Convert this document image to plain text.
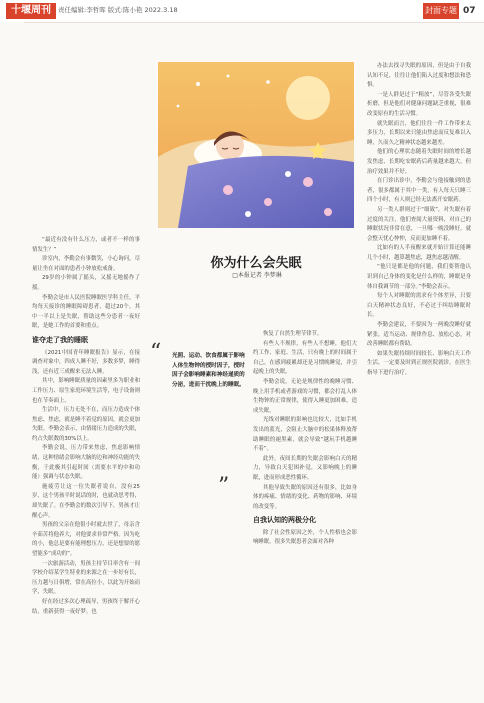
十堰周刊	责任编辑:李哲晖 版式:陈小艳 2022.3.18	封面专题 07
你为什么会失眠
□本报记者 李梦琳
“ 光照、运动、饮食都属于影响人体生物钟的授时因子，授时因子会影响睡素和神经递质的分泌，进而干扰晚上的睡眠。
”

“最近有没有什么压力，或者不一样的事情发生？”

诊室内，李勤会有事微笑，小心询问，尽量让坐在对面的患者小钟放松戒备。

29岁的小钟属了摇头，又摇无地摇作了摇。

李勤会是市人民医院睡眠医学科主任，平均每天接诊的睡眠障碍患者，超过20个。其中一半以上是失眠，帮助这些分患者一夜好眠，是她工作的首要和重点。

谁夺走了我的睡眠

《2021中国青年睡眠报告》显示，在接调查对象中，四成人睡不好，多数多梦，睡得浅，还有近三成醒来无法入睡。

其中，影响睡眠质量的因素里多为职业和工作压力、原生家庭环境生活等，电子设备则也在节奏面上。

生活中，压力无处不在，而压力造成个体焦虑、焦虑，就是睡不着觉的原因，就会更加失眠。李勤会表示，由情绪压力造成的失眠，约占失眠数的30%以上。

李勤会说，压力带来焦虑，焦虑影响情绪，这种情绪会影响大脑的边和神经功能的失衡，于此极其引起时间（需要水平的中和功能）强调与状态失眠。

施疲劳让这一位失眠者说自，没有25岁，这个男孩平时说话的时，也就动思考得，却失眠了。在李勤会的数次引导下，男孩才让醒心声。

男孩的父亲在他很小时就去世了，母亲含辛茹苦将他养大，对他要求非常严格。因为吃的小，他总是要有能理想压力，还是想要的愿望能多“成功的”。

一次旅游活动，男孩主持节目率含有一间学校介绍某学生特业的来源之在一步好有长，压力越与日俱增，常在高位小，以此为开始而学，失眠。

好在经过多次心理疏导，男孩终于解开心结，重新获得一夜好梦。也

恢复了自然生理节律节。

有些人不规律，有些人不想睡，他们大约工作、家庭、生活，只有晚上的时间属于自己，在感到疲累却还是习惯晚睡觉，并引起晚上的失眠。

李勤会说，无论是规律性的晚睡习惯、晚上用手机或者游戏的习惯，都会打乱人体生物钟的正常规律，使得入睡更加困难，造成失眠。

光线对睡眠的影响也比较大，比如手机发出的蓝光，会阻止大脑中的松果体释放帮助睡眠的褪黑素，就会导致“越玩手机越睡不着”。

此外，夜间长期的失眠会影响白天的精力，导致白天犯困补觉，又影响晚上的睡眠，进而形成恶性循环。

其他导致失眠的原因还有很多，比如身体的疼痛、情绪的变化、药物的影响、环境的改变等。

自我认知的两极分化

除了社会性原因之外，个人性格也会影响睡眠，很多失眠患者会面对各种

办法去找寻失眠的原因，但是由于自我认知不足，往往让他们陷入过度和想法和恐惧。

一是人群是过于“粗放”，尽管各受失眠折磨，但是他们对健康问题缺乏重视，很难改变原有的生活习惯。

就失眠而言，他们往往一件工作带来太多压力，长期以来只能由焦虑而反复难以入睡，久而久之精神状态越来越差。

他们的心理状态随着失眠时间的增长越发焦虑，长期吃安眠药后药量越来越大，但治疗效果并不好。

在门诊出诊中，李勤会与他接触到的患者，很多都属于其中一类，有人每天只睡三四个小时，有人则已经无法离开安眠药。

另一类人群则过于“细致”，对失眠有着过度的关注，他们查阅大量资料，对自己的睡眠状况非常在意，一旦哪一晚没睡好，就会整天忧心忡忡，反而更加睡不着。

比如有的人半夜醒来就开始计算还能睡几个小时，越算越焦虑，越焦虑越清醒。

“他只是都是他的问题，我们要帮他认识到自己身体的变化是什么样的，睡眠是身体自我调节的一部分。”李勤会表示。

每个人对睡眠的需求有个体差异，只要白天精神状态良好，不必过于纠结睡眠时长。

李勤会建议，不要因为一两晚没睡好就紧张，适当运动、规律作息、放松心态，对改善睡眠都有帮助。

如果失眠持续时间较长、影响白天工作生活，一定要及时到正规医院就诊，在医生指导下进行治疗。
